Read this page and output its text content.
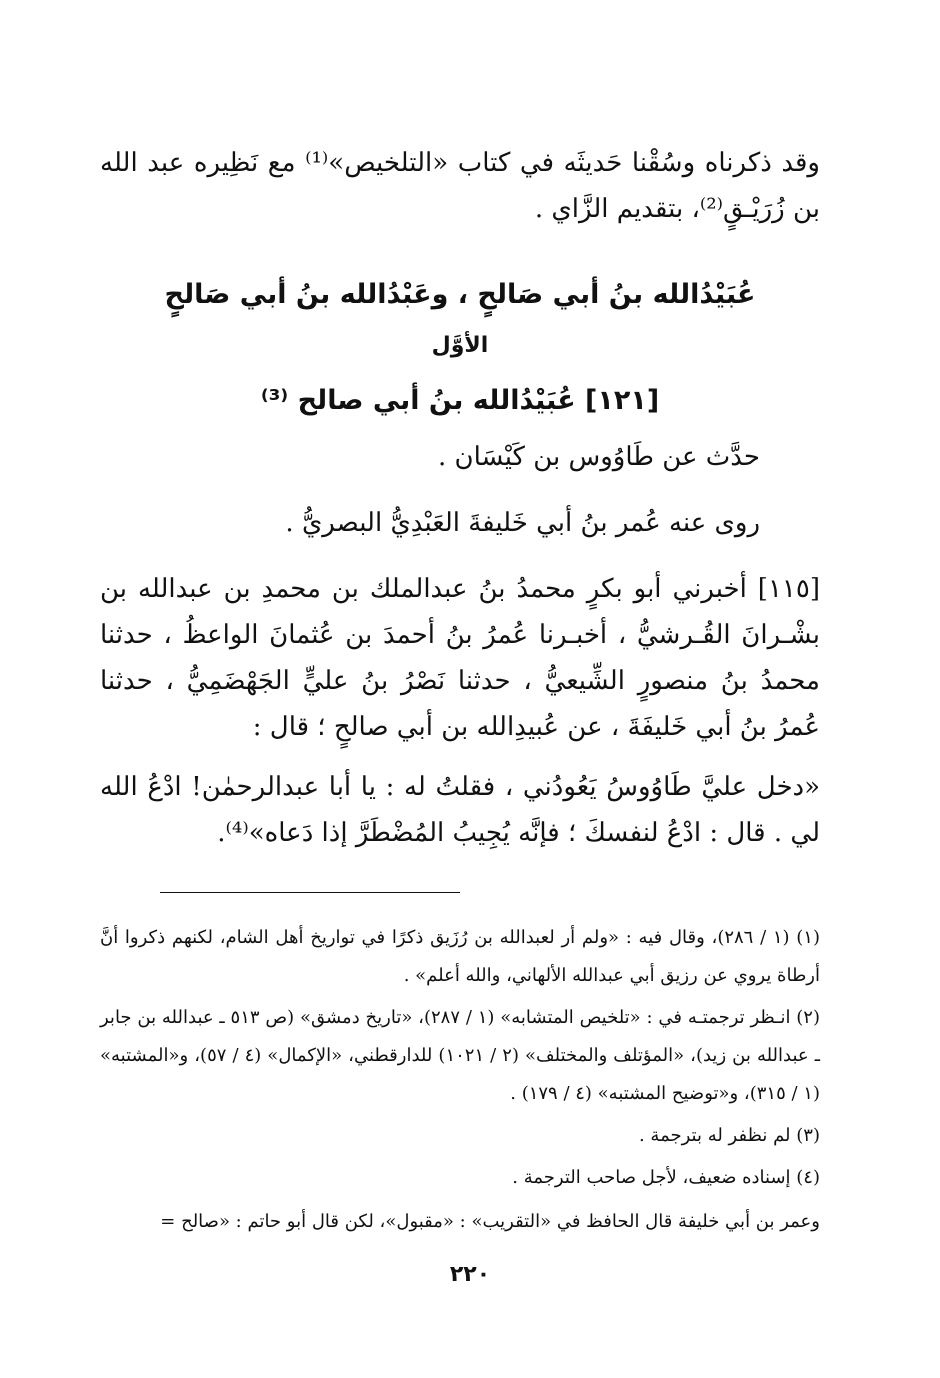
وقد ذكرناه وسُقْنا حَديثَه في كتاب «التلخيص»⁽¹⁾ مع نَظِيره عبد الله بن زُرَيْـقٍ⁽²⁾، بتقديم الزَّاي .

عُبَيْدُالله بنُ أبي صَالحٍ ، وعَبْدُالله بنُ أبي صَالحٍ
الأوَّل
[١٢١] عُبَيْدُالله بنُ أبي صالح ⁽³⁾

حدَّث عن طَاوُوس بن كَيْسَان .

روى عنه عُمر بنُ أبي خَليفةَ العَبْدِيُّ البصريُّ .

[١١٥] أخبرني أبو بكرٍ محمدُ بنُ عبدالملك بن محمدِ بن عبدالله بن بشْـرانَ القُـرشيُّ ، أخبـرنا عُمرُ بنُ أحمدَ بن عُثمانَ الواعظُ ، حدثنا محمدُ بنُ منصورٍ الشِّيعيُّ ، حدثنا نَصْرُ بنُ عليٍّ الجَهْضَمِيُّ ، حدثنا عُمرُ بنُ أبي خَليفَةَ ، عن عُبيدِالله بن أبي صالحٍ ؛ قال :

«دخل عليَّ طَاوُوسُ يَعُودُني ، فقلتُ له : يا أبا عبدالرحمٰن! ادْعُ الله لي . قال : ادْعُ لنفسكَ ؛ فإنَّه يُجِيبُ المُضْطَرَّ إذا دَعاه»⁽⁴⁾.

(١) (١ / ٢٨٦)، وقال فيه : «ولم أر لعبدالله بن رُزَيق ذكرًا في تواريخ أهل الشام، لكنهم ذكروا أنَّ أرطاة يروي عن رزيق أبي عبدالله الألهاني، والله أعلم» .

(٢) انـظر ترجمتـه في : «تلخيص المتشابه» (١ / ٢٨٧)، «تاريخ دمشق» (ص ٥١٣ ـ عبدالله بن جابر ـ عبدالله بن زيد)، «المؤتلف والمختلف» (٢ / ١٠٢١) للدارقطني، «الإكمال» (٤ / ٥٧)، و«المشتبه» (١ / ٣١٥)، و«توضيح المشتبه» (٤ / ١٧٩) .

(٣) لم نظفر له بترجمة .

(٤) إسناده ضعيف، لأجل صاحب الترجمة .

وعمر بن أبي خليفة قال الحافظ في «التقريب» : «مقبول»، لكن قال أبو حاتم : «صالح =

٢٢٠
